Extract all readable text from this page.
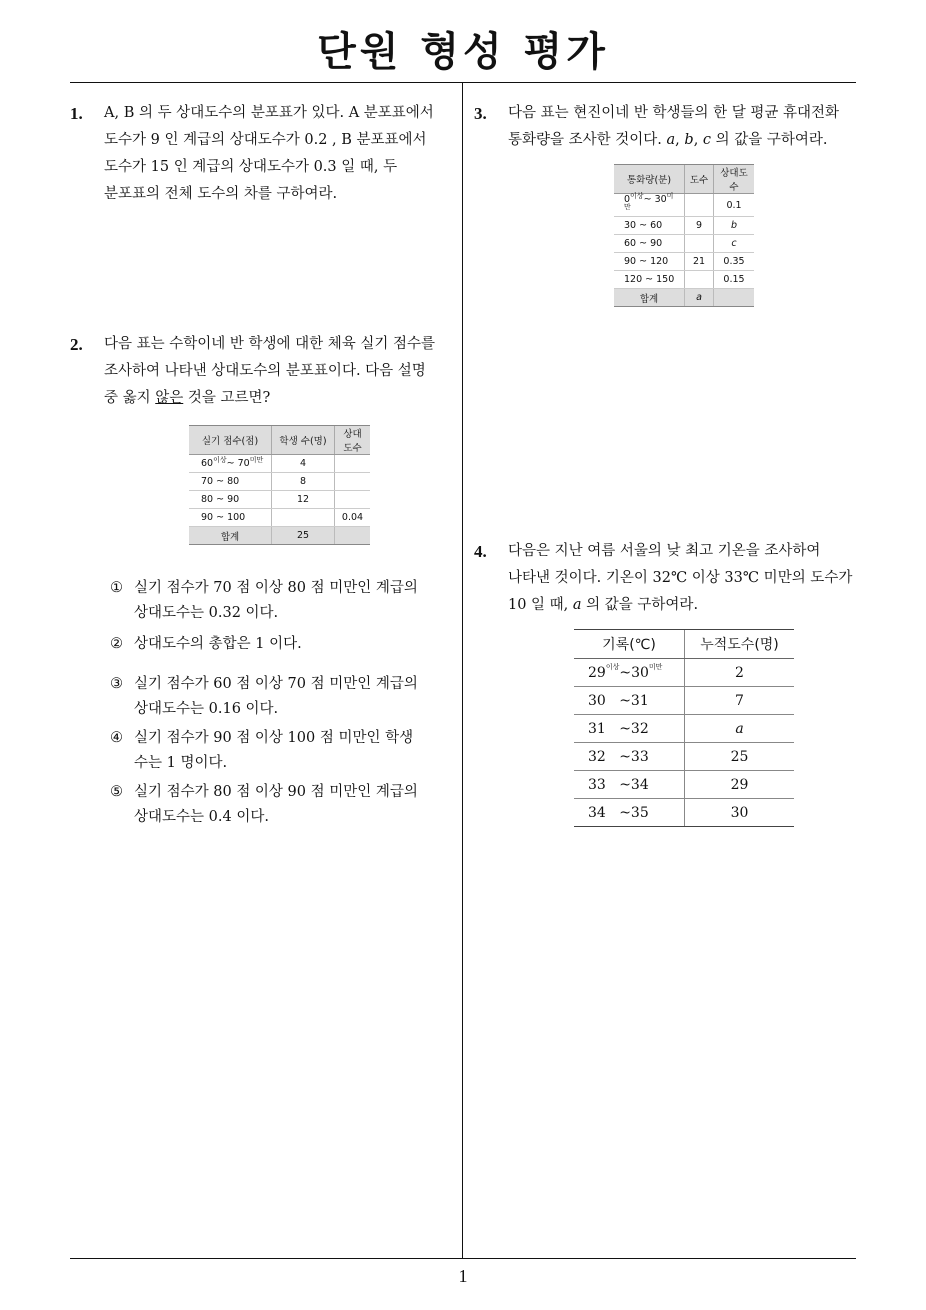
단원 형성 평가
1. A, B 의 두 상대도수의 분포표가 있다. A 분포표에서
도수가 9 인 계급의 상대도수가 0.2 , B 분포표에서
도수가 15 인 계급의 상대도수가 0.3 일 때, 두
분포표의 전체 도수의 차를 구하여라.
2. 다음 표는 수학이네 반 학생에 대한 체육 실기 점수를
조사하여 나타낸 상대도수의 분포표이다. 다음 설명
중 옳지 않은 것을 고르면?
실기 점수(점)	학생 수(명)	상대도수
$60^{이상}\sim$ $70^{미만}$	4	
70 ~ 80	8	
80 ~ 90	12	
90 ~ 100		0.04
합계	25	
① 실기 점수가 70 점 이상 80 점 미만인 계급의
상대도수는 0.32 이다.
② 상대도수의 총합은 1 이다.
③ 실기 점수가 60 점 이상 70 점 미만인 계급의
상대도수는 0.16 이다.
④ 실기 점수가 90 점 이상 100 점 미만인 학생
수는 1 명이다.
⑤ 실기 점수가 80 점 이상 90 점 미만인 계급의
상대도수는 0.4 이다.
3. 다음 표는 현진이네 반 학생들의 한 달 평균 휴대전화
통화량을 조사한 것이다. a, b, c 의 값을 구하여라.
통화량(분)	도수	상대도수
$0^{이상}\sim$ $30^{미만}$		0.1
30 ~ 60	9	b
60 ~ 90		c
90 ~ 120	21	0.35
120 ~ 150		0.15
합계	a	
4. 다음은 지난 여름 서울의 낮 최고 기온을 조사하여
나타낸 것이다. 기온이 32℃ 이상 33℃ 미만의 도수가
10 일 때, a 의 값을 구하여라.
기록(℃)	누적도수(명)
$29^{이상}\sim 30^{미만}$	2
30 ~31	7
31 ~32	a
32 ~33	25
33 ~34	29
34 ~35	30
1
